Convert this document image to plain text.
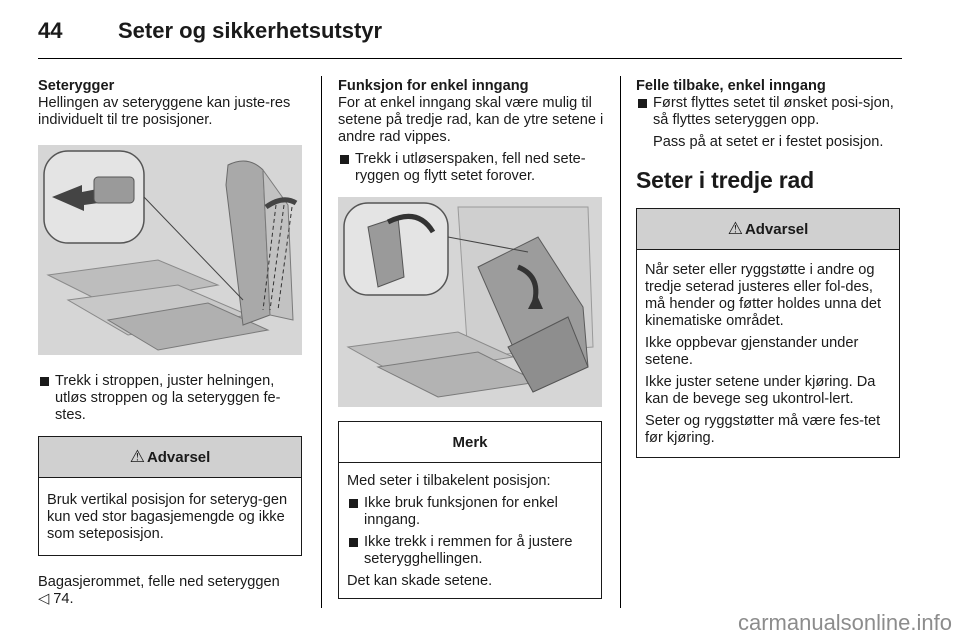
44	Seter og sikkerhetsutstyr

Seterygger

Hellingen av seteryggene kan juste-res individuelt til tre posisjoner.

Trekk i stroppen, juster helningen, utløs stroppen og la seteryggen fe-stes.
⚠ Advarsel

Bruk vertikal posisjon for seteryg-gen kun ved stor bagasjemengde og ikke som seteposisjon.

Bagasjerommet, felle ned seteryggen
◁ 74.

Funksjon for enkel inngang

For at enkel inngang skal være mulig til setene på tredje rad, kan de ytre setene i andre rad vippes.

Trekk i utløserspaken, fell ned sete-ryggen og flytt setet forover.
Merk

Med seter i tilbakelent posisjon:

Ikke bruk funksjonen for enkel inngang.
Ikke trekk i remmen for å justere seterygghellingen.

Det kan skade setene.

Felle tilbake, enkel inngang

Først flyttes setet til ønsket posi-sjon, så flyttes seteryggen opp.

Pass på at setet er i festet posisjon.

Seter i tredje rad
⚠ Advarsel

Når seter eller ryggstøtte i andre og tredje seterad justeres eller fol-des, må hender og føtter holdes unna det kinematiske området.

Ikke oppbevar gjenstander under setene.

Ikke juster setene under kjøring. Da kan de bevege seg ukontrol-lert.

Seter og ryggstøtter må være fes-tet før kjøring.

carmanualsonline.info
